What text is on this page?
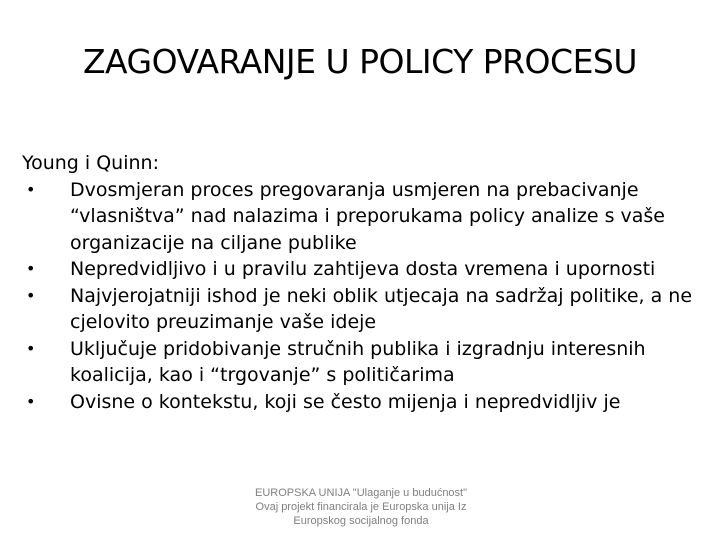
ZAGOVARANJE U POLICY PROCESU

Young i Quinn:

• Dvosmjeran proces pregovaranja usmjeren na prebacivanje “vlasništva” nad nalazima i preporukama policy analize s vaše organizacije na ciljane publike
• Nepredvidljivo i u pravilu zahtijeva dosta vremena i upornosti
• Najvjerojatniji ishod je neki oblik utjecaja na sadržaj politike, a ne cjelovito preuzimanje vaše ideje
• Uključuje pridobivanje stručnih publika i izgradnju interesnih koalicija, kao i “trgovanje” s političarima
• Ovisne o kontekstu, koji se često mijenja i nepredvidljiv je
EUROPSKA UNIJA "Ulaganje u budućnost" Ovaj projekt financirala je Europska unija Iz Europskog socijalnog fonda
